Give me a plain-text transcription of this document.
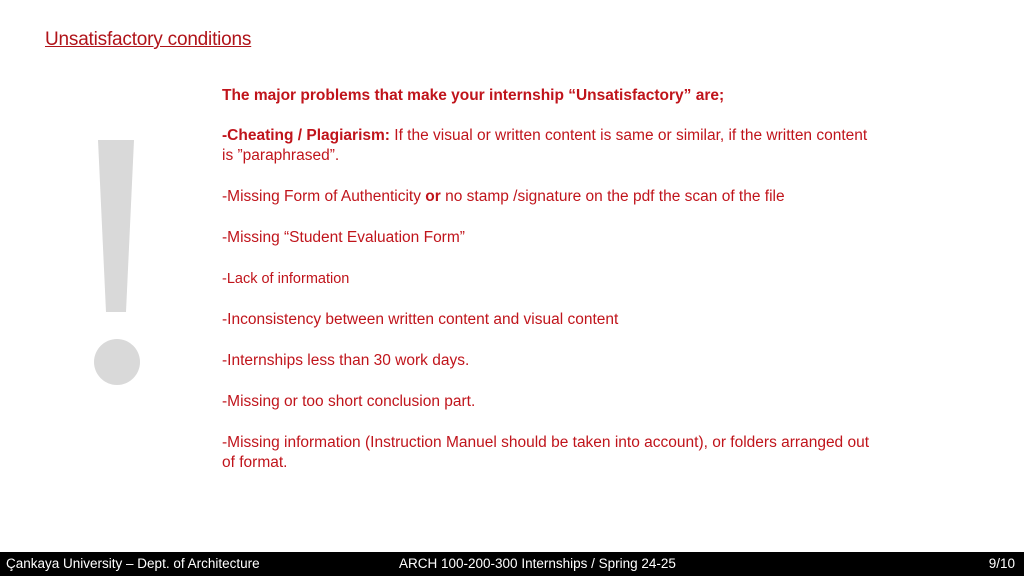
Unsatisfactory conditions

The major problems that make your internship “Unsatisfactory” are;

-Cheating / Plagiarism: If the visual or written content is same or similar, if the written content is ”paraphrased”.

-Missing Form of Authenticity or no stamp /signature on the pdf the scan of the file

-Missing “Student Evaluation Form”

-Lack of information

-Inconsistency between written content and visual content

-Internships less than 30 work days.

-Missing or too short conclusion part.

-Missing information (Instruction Manuel should be taken into account), or folders arranged out of format.

Çankaya University – Dept. of Architecture	ARCH 100-200-300 Internships / Spring 24-25	9/10
